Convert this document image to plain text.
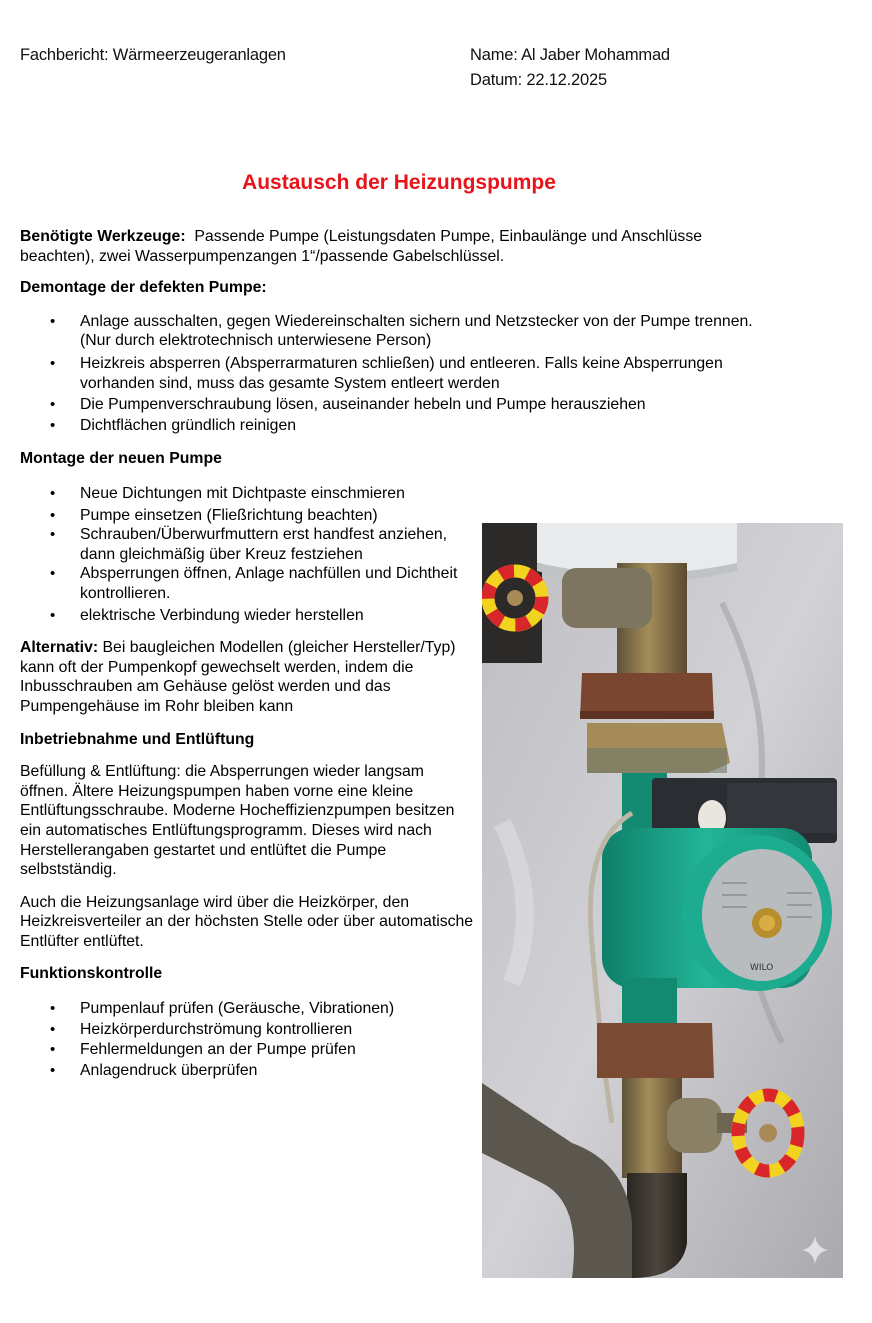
Fachbericht: Wärmeerzeugeranlagen	Name: Al Jaber Mohammad
Datum: 22.12.2025
Austausch der Heizungspumpe

Benötigte Werkzeuge: Passende Pumpe (Leistungsdaten Pumpe, Einbaulänge und Anschlüsse beachten), zwei Wasserpumpenzangen 1“/passende Gabelschlüssel.

Demontage der defekten Pumpe:

• Anlage ausschalten, gegen Wiedereinschalten sichern und Netzstecker von der Pumpe trennen. (Nur durch elektrotechnisch unterwiesene Person)
• Heizkreis absperren (Absperrarmaturen schließen) und entleeren. Falls keine Absperrungen vorhanden sind, muss das gesamte System entleert werden
• Die Pumpenverschraubung lösen, auseinander hebeln und Pumpe herausziehen
• Dichtflächen gründlich reinigen

Montage der neuen Pumpe

• Neue Dichtungen mit Dichtpaste einschmieren
• Pumpe einsetzen (Fließrichtung beachten)
• Schrauben/Überwurfmuttern erst handfest anziehen, dann gleichmäßig über Kreuz festziehen
• Absperrungen öffnen, Anlage nachfüllen und Dichtheit kontrollieren.
• elektrische Verbindung wieder herstellen

Alternativ: Bei baugleichen Modellen (gleicher Hersteller/Typ) kann oft der Pumpenkopf gewechselt werden, indem die Inbusschrauben am Gehäuse gelöst werden und das Pumpengehäuse im Rohr bleiben kann

Inbetriebnahme und Entlüftung

Befüllung & Entlüftung: die Absperrungen wieder langsam öffnen. Ältere Heizungspumpen haben vorne eine kleine Entlüftungsschraube. Moderne Hocheffizienzpumpen besitzen ein automatisches Entlüftungsprogramm. Dieses wird nach Herstellerangaben gestartet und entlüftet die Pumpe selbstständig.

Auch die Heizungsanlage wird über die Heizkörper, den Heizkreisverteiler an der höchsten Stelle oder über automatische Entlüfter entlüftet.

Funktionskontrolle

• Pumpenlauf prüfen (Geräusche, Vibrationen)
• Heizkörperdurchströmung kontrollieren
• Fehlermeldungen an der Pumpe prüfen
• Anlagendruck überprüfen
WILO
